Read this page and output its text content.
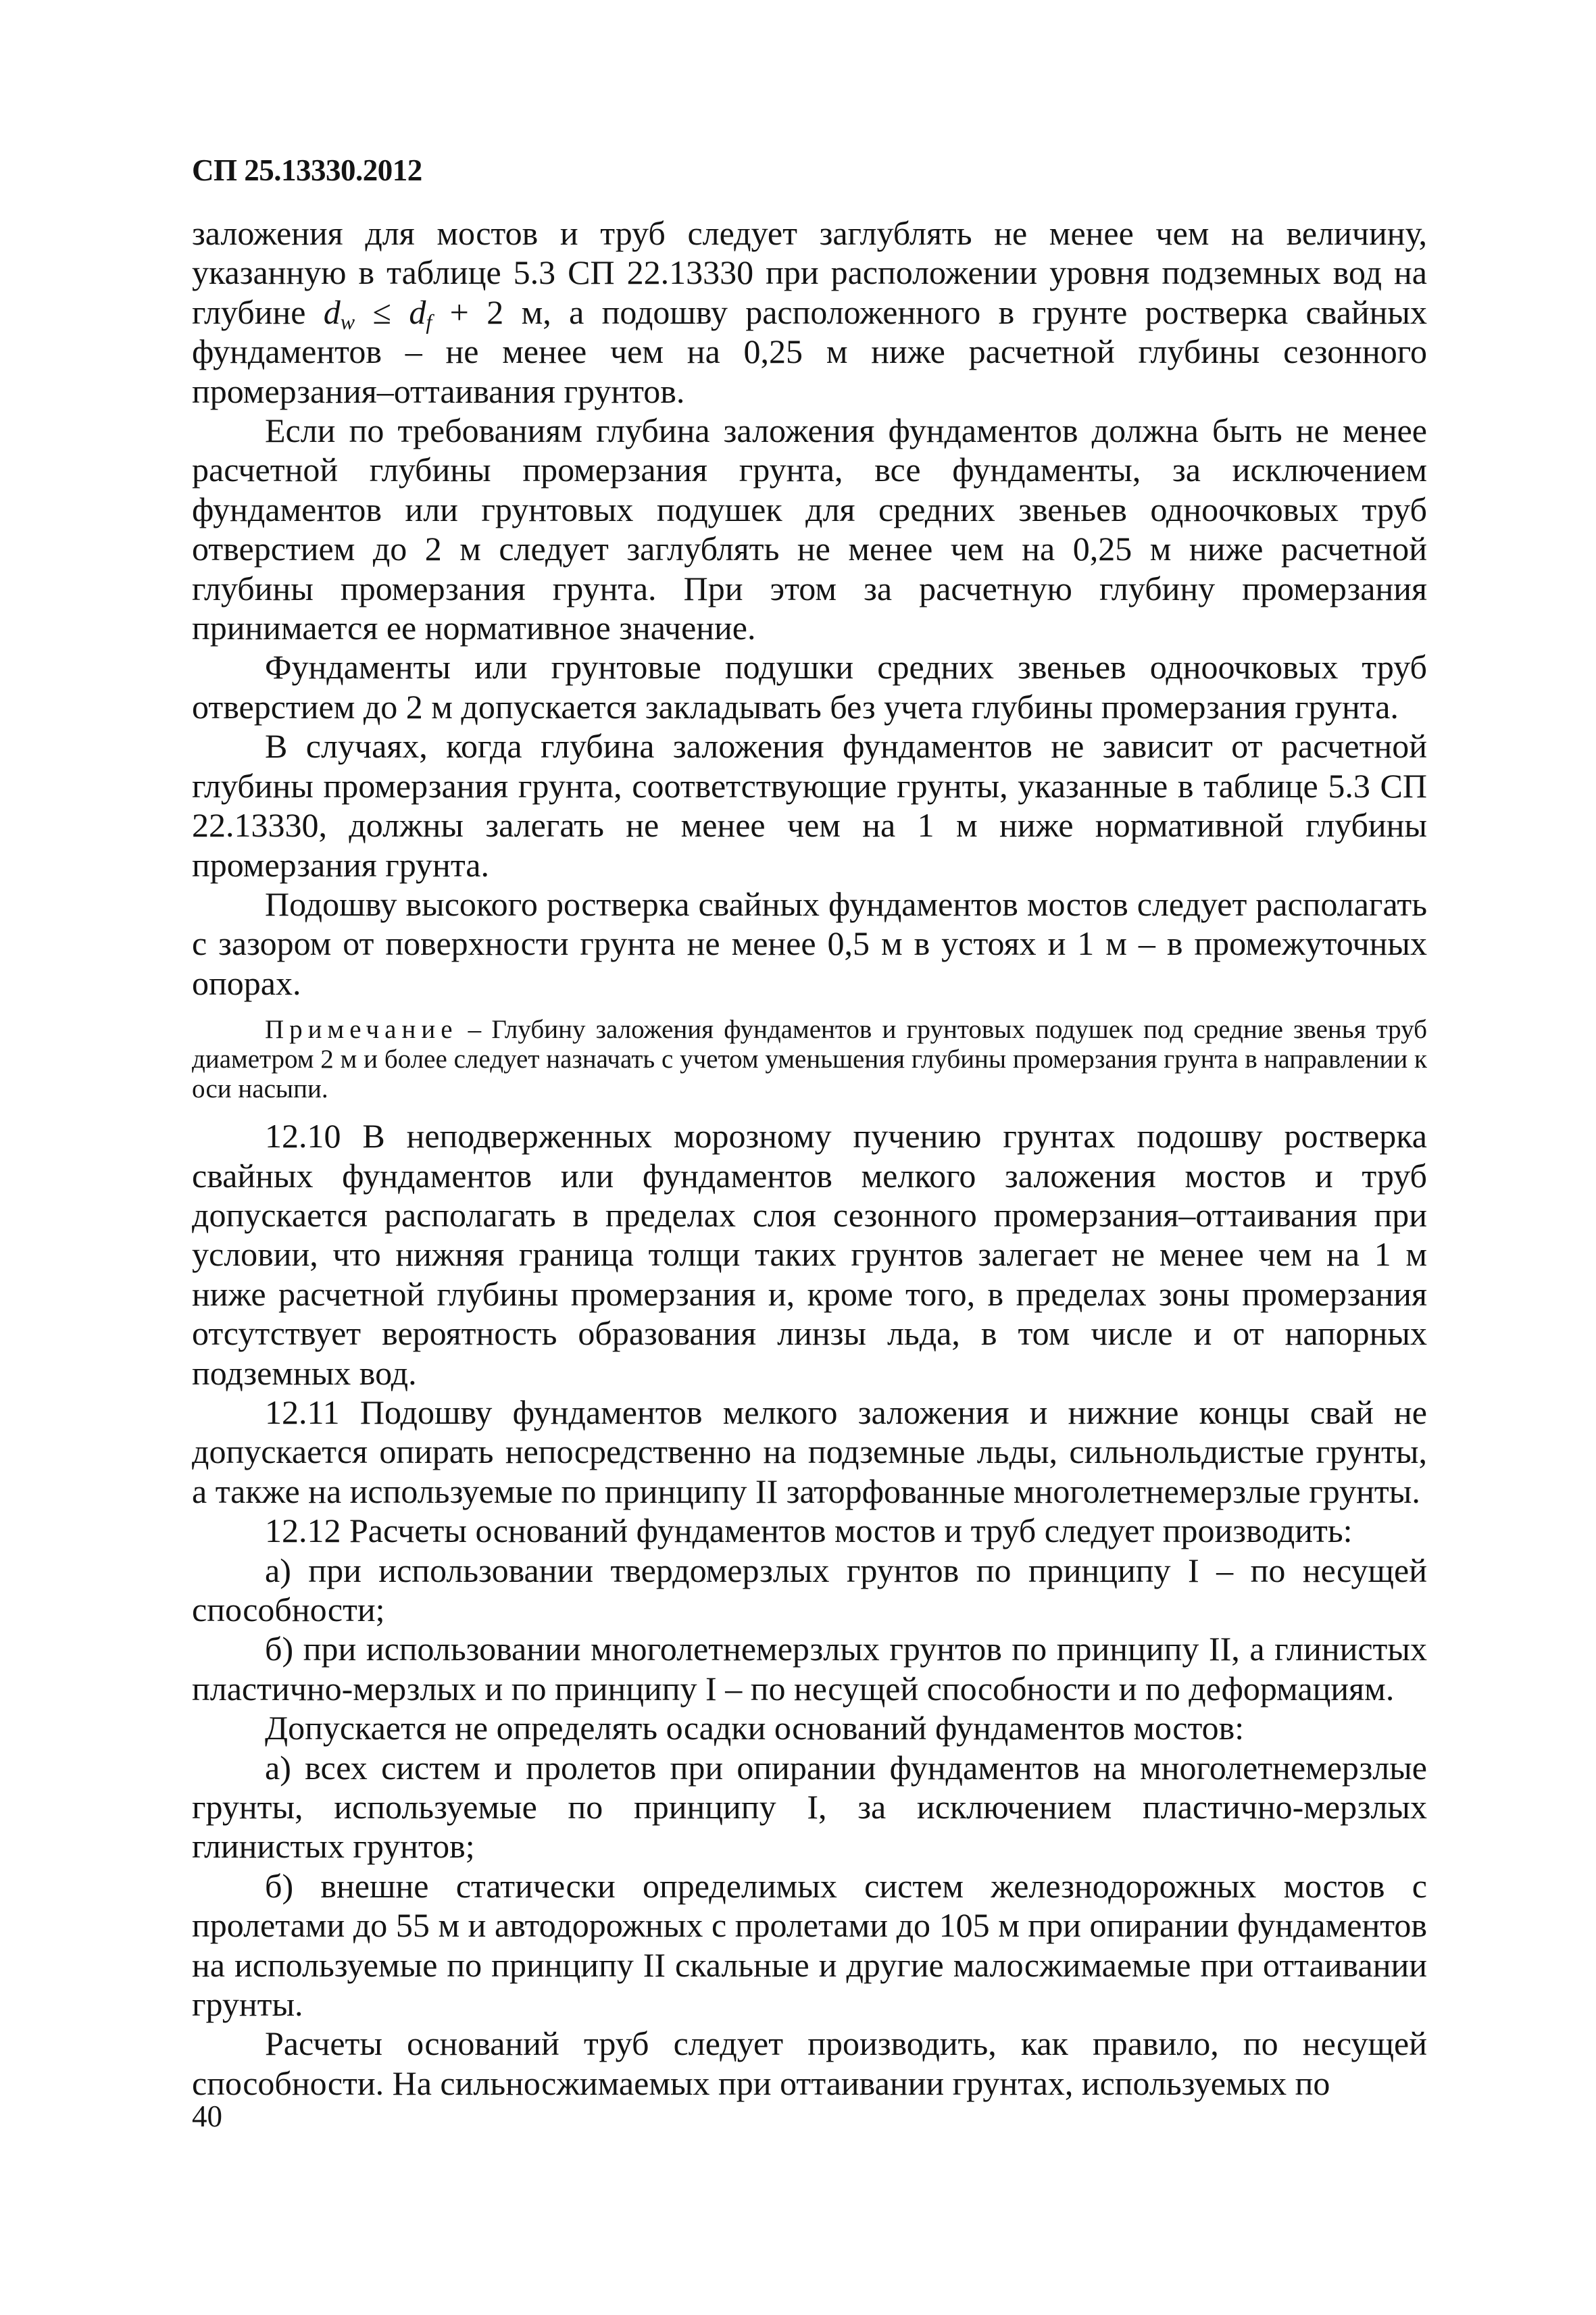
СП 25.13330.2012

заложения для мостов и труб следует заглублять не менее чем на величину, указанную в таблице 5.3 СП 22.13330 при расположении уровня подземных вод на глубине $d_w \le d_f + 2$ м, а подошву расположенного в грунте ростверка свайных фундаментов – не менее чем на 0,25 м ниже расчетной глубины сезонного промерзания–оттаивания грунтов.

Если по требованиям глубина заложения фундаментов должна быть не менее расчетной глубины промерзания грунта, все фундаменты, за исключением фундаментов или грунтовых подушек для средних звеньев одноочковых труб отверстием до 2 м следует заглублять не менее чем на 0,25 м ниже расчетной глубины промерзания грунта. При этом за расчетную глубину промерзания принимается ее нормативное значение.

Фундаменты или грунтовые подушки средних звеньев одноочковых труб отверстием до 2 м допускается закладывать без учета глубины промерзания грунта.

В случаях, когда глубина заложения фундаментов не зависит от расчетной глубины промерзания грунта, соответствующие грунты, указанные в таблице 5.3 СП 22.13330, должны залегать не менее чем на 1 м ниже нормативной глубины промерзания грунта.

Подошву высокого ростверка свайных фундаментов мостов следует располагать с зазором от поверхности грунта не менее 0,5 м в устоях и 1 м – в промежуточных опорах.

Примечание – Глубину заложения фундаментов и грунтовых подушек под средние звенья труб диаметром 2 м и более следует назначать с учетом уменьшения глубины промерзания грунта в направлении к оси насыпи.

12.10 В неподверженных морозному пучению грунтах подошву ростверка свайных фундаментов или фундаментов мелкого заложения мостов и труб допускается располагать в пределах слоя сезонного промерзания–оттаивания при условии, что нижняя граница толщи таких грунтов залегает не менее чем на 1 м ниже расчетной глубины промерзания и, кроме того, в пределах зоны промерзания отсутствует вероятность образования линзы льда, в том числе и от напорных подземных вод.

12.11 Подошву фундаментов мелкого заложения и нижние концы свай не допускается опирать непосредственно на подземные льды, сильнольдистые грунты, а также на используемые по принципу II заторфованные многолетнемерзлые грунты.

12.12 Расчеты оснований фундаментов мостов и труб следует производить:

а) при использовании твердомерзлых грунтов по принципу I – по несущей способности;

б) при использовании многолетнемерзлых грунтов по принципу II, а глинистых пластично-мерзлых и по принципу I – по несущей способности и по деформациям.

Допускается не определять осадки оснований фундаментов мостов:

а) всех систем и пролетов при опирании фундаментов на многолетнемерзлые грунты, используемые по принципу I, за исключением пластично-мерзлых глинистых грунтов;

б) внешне статически определимых систем железнодорожных мостов с пролетами до 55 м и автодорожных с пролетами до 105 м при опирании фундаментов на используемые по принципу II скальные и другие малосжимаемые при оттаивании грунты.

Расчеты оснований труб следует производить, как правило, по несущей способности. На сильносжимаемых при оттаивании грунтах, используемых по

40
